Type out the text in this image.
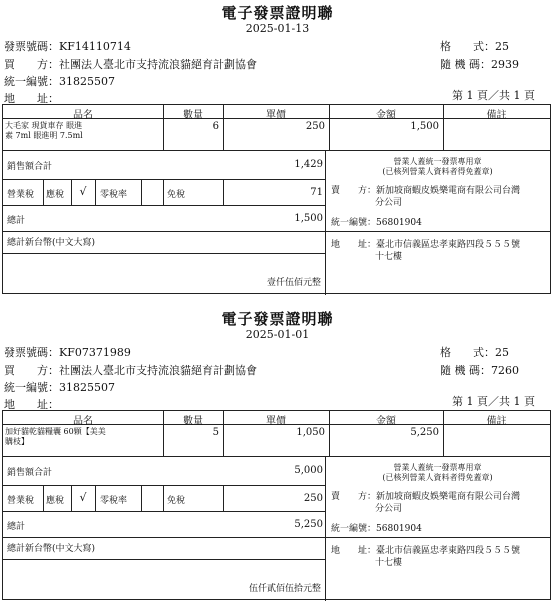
電子發票證明聯
2025-01-13
發票號碼：KF14110714
買　　方：社團法人臺北市支持流浪貓絕育計劃協會
統一編號：31825507
地　　址：
格　　式：25
隨 機 碼：2939
第 1 頁／共 1 頁
品名	數量	單價	金額	備註
大毛家 現貨車存 眼進
素 7ml 眼進明 7.5ml
6	250	1,500
銷售額合計	1,429
營業稅 應稅	√	零稅率	免稅	71
總計	1,500
總計新台幣(中文大寫)
壹仟伍佰元整
營業人蓋統一發票專用章
(已核列營業人資料者得免蓋章)
賣　　方：新加坡商蝦皮娛樂電商有限公司台灣
分公司
統一編號：56801904
地　　址：臺北市信義區忠孝東路四段５５５號
十七樓
電子發票證明聯
2025-01-01
發票號碼：KF07371989
買　　方：社團法人臺北市支持流浪貓絕育計劃協會
統一編號：31825507
地　　址：
格　　式：25
隨 機 碼：7260
第 1 頁／共 1 頁
品名	數量	單價	金額	備註
加好貓乾貓糧囊 60顆【美美
購枝】
5	1,050	5,250
銷售額合計	5,000
營業稅 應稅	√	零稅率	免稅	250
總計	5,250
總計新台幣(中文大寫)
伍仟貳佰伍拾元整
營業人蓋統一發票專用章
(已核列營業人資料者得免蓋章)
賣　　方：新加坡商蝦皮娛樂電商有限公司台灣
分公司
統一編號：56801904
地　　址：臺北市信義區忠孝東路四段５５５號
十七樓
